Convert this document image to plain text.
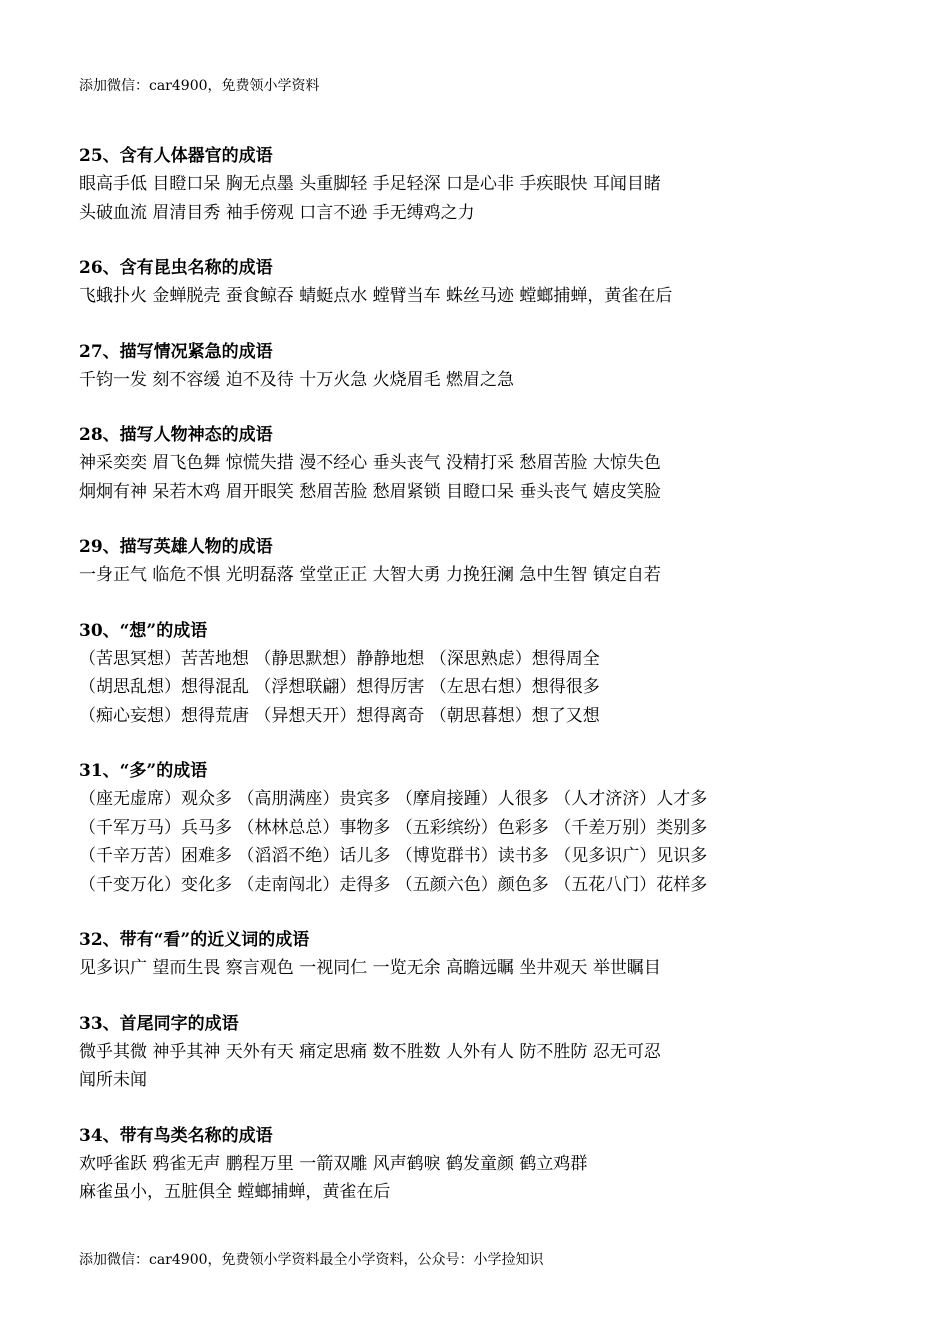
添加微信：car4900，免费领小学资料
25、含有人体器官的成语
眼高手低 目瞪口呆 胸无点墨 头重脚轻 手足轻深 口是心非 手疾眼快 耳闻目睹
头破血流 眉清目秀 袖手傍观 口言不逊 手无缚鸡之力
26、含有昆虫名称的成语
飞蛾扑火 金蝉脱壳 蚕食鲸吞 蜻蜓点水 螳臂当车 蛛丝马迹 螳螂捕蝉，黄雀在后
27、描写情况紧急的成语
千钧一发 刻不容缓 迫不及待 十万火急 火烧眉毛 燃眉之急
28、描写人物神态的成语
神采奕奕 眉飞色舞 惊慌失措 漫不经心 垂头丧气 没精打采 愁眉苦脸 大惊失色
炯炯有神 呆若木鸡 眉开眼笑 愁眉苦脸 愁眉紧锁 目瞪口呆 垂头丧气 嬉皮笑脸
29、描写英雄人物的成语
一身正气 临危不惧 光明磊落 堂堂正正 大智大勇 力挽狂澜 急中生智 镇定自若
30、“想”的成语
（苦思冥想）苦苦地想 （静思默想）静静地想 （深思熟虑）想得周全
（胡思乱想）想得混乱 （浮想联翩）想得厉害 （左思右想）想得很多
（痴心妄想）想得荒唐 （异想天开）想得离奇 （朝思暮想）想了又想
31、“多”的成语
（座无虚席）观众多 （高朋满座）贵宾多 （摩肩接踵）人很多 （人才济济）人才多
（千军万马）兵马多 （林林总总）事物多 （五彩缤纷）色彩多 （千差万别）类别多
（千辛万苦）困难多 （滔滔不绝）话儿多 （博览群书）读书多 （见多识广）见识多
（千变万化）变化多 （走南闯北）走得多 （五颜六色）颜色多 （五花八门）花样多
32、带有“看”的近义词的成语
见多识广 望而生畏 察言观色 一视同仁 一览无余 高瞻远瞩 坐井观天 举世瞩目
33、首尾同字的成语
微乎其微 神乎其神 天外有天 痛定思痛 数不胜数 人外有人 防不胜防 忍无可忍
闻所未闻
34、带有鸟类名称的成语
欢呼雀跃 鸦雀无声 鹏程万里 一箭双雕 风声鹤唳 鹤发童颜 鹤立鸡群
麻雀虽小，五脏俱全 螳螂捕蝉，黄雀在后
添加微信：car4900，免费领小学资料最全小学资料，公众号：小学捡知识
